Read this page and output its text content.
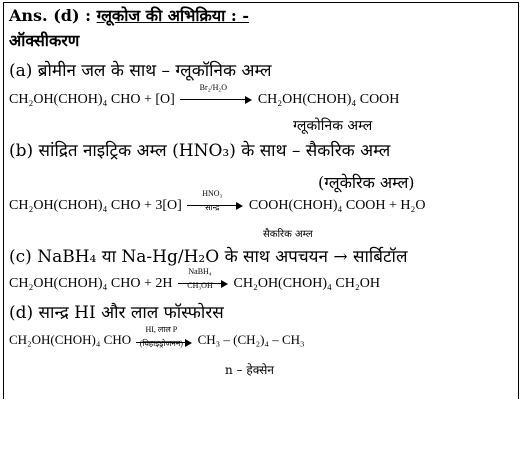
Ans. (d) : ग्लूकोज की अभिक्रिया : -
ऑक्सीकरण
(a) ब्रोमीन जल के साथ – ग्लूकॉनिक अम्ल
CH₂OH(CHOH)₄ CHO + [O]
Br₂/H₂O
CH₂OH(CHOH)₄ COOH
ग्लूकोनिक अम्ल
(b) सांद्रित नाइट्रिक अम्ल (HNO₃) के साथ – सैकरिक अम्ल
(ग्लूकेरिक अम्ल)
CH₂OH(CHOH)₄ CHO + 3[O]
HNO₃
सान्द्र	COOH(CHOH)₄ COOH + H₂O
सैकरिक अम्ल
(c) NaBH₄ या Na-Hg/H₂O के साथ अपचयन → सार्बिटॉल
CH₂OH(CHOH)₄ CHO + 2H
NaBH₄
CH₃OH	CH₂OH(CHOH)₄ CH₂OH
(d) सान्द्र HI और लाल फॉस्फोरस
CH₂OH(CHOH)₄ CHO
HI, लाल P
(विहाइड्रोजनन) CH₃ – (CH₂)₄ – CH₃
n – हेक्सेन
